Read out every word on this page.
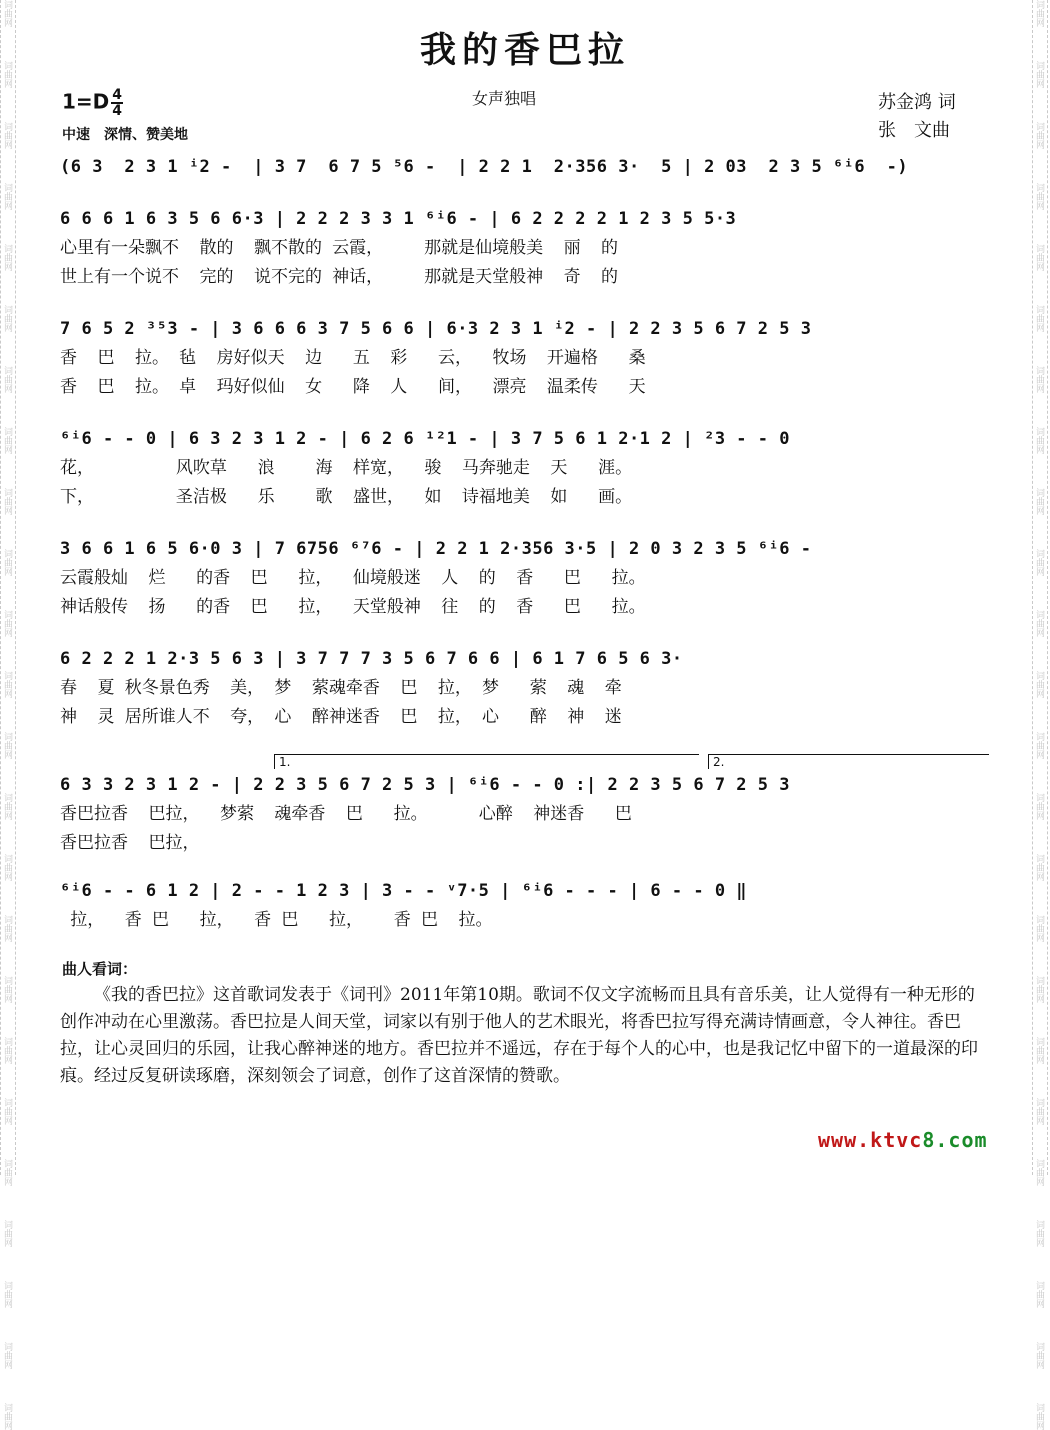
词曲网
词曲网
词曲网
词曲网
词曲网
词曲网
词曲网
词曲网
词曲网
词曲网
词曲网
词曲网
词曲网
词曲网
词曲网
词曲网
词曲网
词曲网
词曲网
词曲网
词曲网
词曲网
词曲网
词曲网
词曲网
词曲网
词曲网
词曲网
词曲网
词曲网
词曲网
词曲网
词曲网
词曲网
词曲网
词曲网
词曲网
词曲网
词曲网
词曲网
词曲网
词曲网
词曲网
词曲网
词曲网
词曲网
词曲网
词曲网
我的香巴拉
$1=D \frac{4}{4}$	女声独唱
中速　深情、赞美地
苏金鸿 词
张　文曲
(6 3  2 3 1 ⁱ2 -  | 3 7  6 7 5 ⁵6 -  | 2 2 1  2·356 3·  5 | 2 03  2 3 5 ⁶ⁱ6  -)
6 6 6 1 6 3 5 6 6·3 | 2 2 2 3 3 1 ⁶ⁱ6 - | 6 2 2 2 2 1 2 3 5 5·3
心里有一朵飘不  散的  飘不散的 云霞，    那就是仙境般美  丽  的
世上有一个说不  完的  说不完的 神话，    那就是天堂般神  奇  的
7 6 5 2 ³⁵3 - | 3 6 6 6 3 7 5 6 6 | 6·3 2 3 1 ⁱ2 - | 2 2 3 5 6 7 2 5 3
香  巴  拉。 毡  房好似天  边   五  彩   云，  牧场  开遍格   桑
香  巴  拉。 卓  玛好似仙  女   降  人   间，  漂亮  温柔传   天
⁶ⁱ6 - - 0 | 6 3 2 3 1 2 - | 6 2 6 ¹²1 - | 3 7 5 6 1 2·1 2 | ²3 - - 0
花，        风吹草   浪    海  样宽，  骏  马奔驰走  天   涯。
下，        圣洁极   乐    歌  盛世，  如  诗福地美  如   画。
3 6 6 1 6 5 6·0 3 | 7 6756 ⁶⁷6 - | 2 2 1 2·356 3·5 | 2 0 3 2 3 5 ⁶ⁱ6 -
云霞般灿  烂   的香  巴   拉，  仙境般迷  人  的  香   巴   拉。
神话般传  扬   的香  巴   拉，  天堂般神  往  的  香   巴   拉。
6 2 2 2 1 2·3 5 6 3 | 3 7 7 7 3 5 6 7 6 6 | 6 1 7 6 5 6 3·
春  夏 秋冬景色秀  美， 梦  萦魂牵香  巴  拉， 梦   萦  魂  牵
神  灵 居所谁人不  夸， 心  醉神迷香  巴  拉， 心   醉  神  迷
1.	2.
6 3 3 2 3 1 2 - | 2 2 3 5 6 7 2 5 3 | ⁶ⁱ6 - - 0 :| 2 2 3 5 6 7 2 5 3
香巴拉香  巴拉，  梦萦  魂牵香  巴   拉。     心醉  神迷香   巴
香巴拉香  巴拉，
⁶ⁱ6 - - 6 1 2 | 2 - - 1 2 3 | 3 - - ᵛ7·5 | ⁶ⁱ6 - - - | 6 - - 0 ‖
拉，  香 巴   拉，  香 巴   拉，   香 巴  拉。
曲人看词：
《我的香巴拉》这首歌词发表于《词刊》2011年第10期。歌词不仅文字流畅而且具有音乐美，让人觉得有一种无形的创作冲动在心里激荡。香巴拉是人间天堂，词家以有别于他人的艺术眼光，将香巴拉写得充满诗情画意，令人神往。香巴拉，让心灵回归的乐园，让我心醉神迷的地方。香巴拉并不遥远，存在于每个人的心中，也是我记忆中留下的一道最深的印痕。经过反复研读琢磨，深刻领会了词意，创作了这首深情的赞歌。
www.ktvc8.com
